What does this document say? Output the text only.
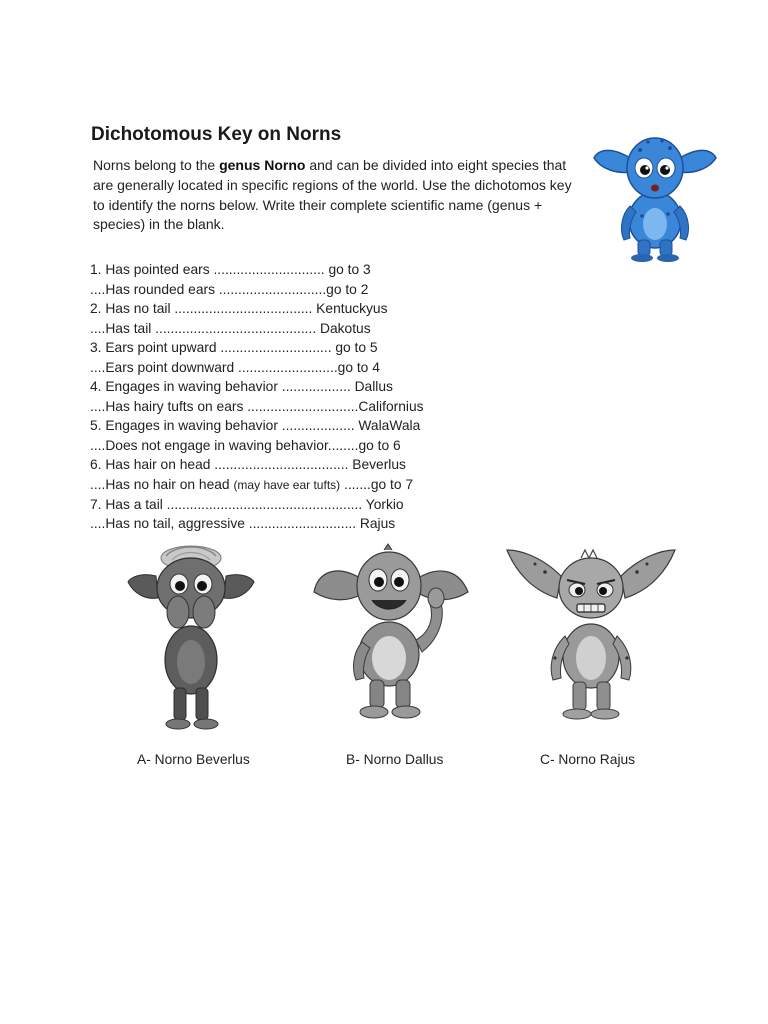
Dichotomous Key on Norns

Norns belong to the genus Norno and can be divided into eight species that are generally located in specific regions of the world. Use the dichotomos key to identify the norns below. Write their complete scientific name (genus + species) in the blank.

1. Has pointed ears ............................. go to 3
....Has rounded ears ............................go to 2
2. Has no tail .................................... Kentuckyus
....Has tail .......................................... Dakotus
3. Ears point upward ............................. go to 5
....Ears point downward ..........................go to 4
4. Engages in waving behavior .................. Dallus
....Has hairy tufts on ears .............................Californius
5. Engages in waving behavior ................... WalaWala
....Does not engage in waving behavior........go to 6
6. Has hair on head ................................... Beverlus
....Has no hair on head (may have ear tufts) .......go to 7
7. Has a tail ................................................... Yorkio
....Has no tail, aggressive ............................ Rajus
A- Norno Beverlus	B- Norno Dallus	C- Norno Rajus
